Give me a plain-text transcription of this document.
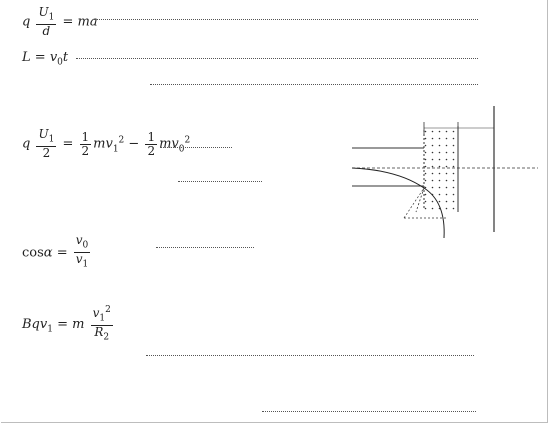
q $\frac{U_1}{d}$ = ma
$L = v_0t$
q $\frac{U_1}{2} = \frac{1}{2} mv_1^2 - \frac{1}{2} mv_0^2$
$\cos\alpha = \frac{v_0}{v_1}$
Bqv$_1$ = m $\frac{v_1^2}{R_2}$
